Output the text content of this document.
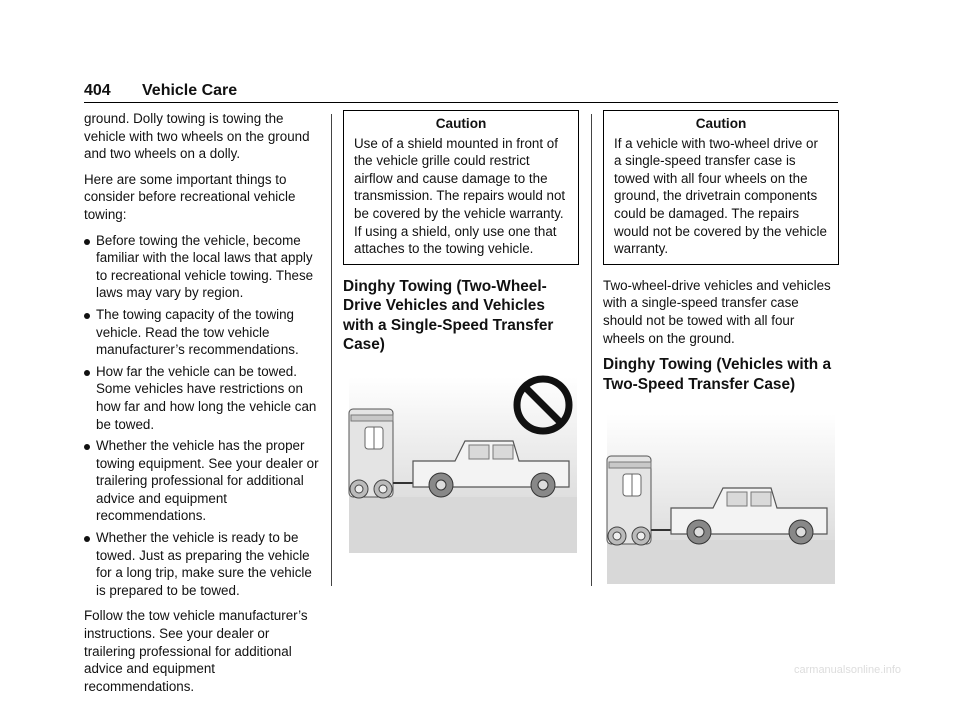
404 Vehicle Care

ground. Dolly towing is towing the vehicle with two wheels on the ground and two wheels on a dolly.

Here are some important things to consider before recreational vehicle towing:

Before towing the vehicle, become familiar with the local laws that apply to recreational vehicle towing. These laws may vary by region.
The towing capacity of the towing vehicle. Read the tow vehicle manufacturer’s recommendations.
How far the vehicle can be towed. Some vehicles have restrictions on how far and how long the vehicle can be towed.
Whether the vehicle has the proper towing equipment. See your dealer or trailering professional for additional advice and equipment recommendations.
Whether the vehicle is ready to be towed. Just as preparing the vehicle for a long trip, make sure the vehicle is prepared to be towed.

Follow the tow vehicle manufacturer’s instructions. See your dealer or trailering professional for additional advice and equipment recommendations.

Caution
Use of a shield mounted in front of the vehicle grille could restrict airflow and cause damage to the transmission. The repairs would not be covered by the vehicle warranty. If using a shield, only use one that attaches to the towing vehicle.
Dinghy Towing (Two-Wheel-Drive Vehicles and Vehicles with a Single-Speed Transfer Case)
Caution
If a vehicle with two-wheel drive or a single-speed transfer case is towed with all four wheels on the ground, the drivetrain components could be damaged. The repairs would not be covered by the vehicle warranty.

Two-wheel-drive vehicles and vehicles with a single-speed transfer case should not be towed with all four wheels on the ground.

Dinghy Towing (Vehicles with a Two-Speed Transfer Case)
carmanualsonline.info
